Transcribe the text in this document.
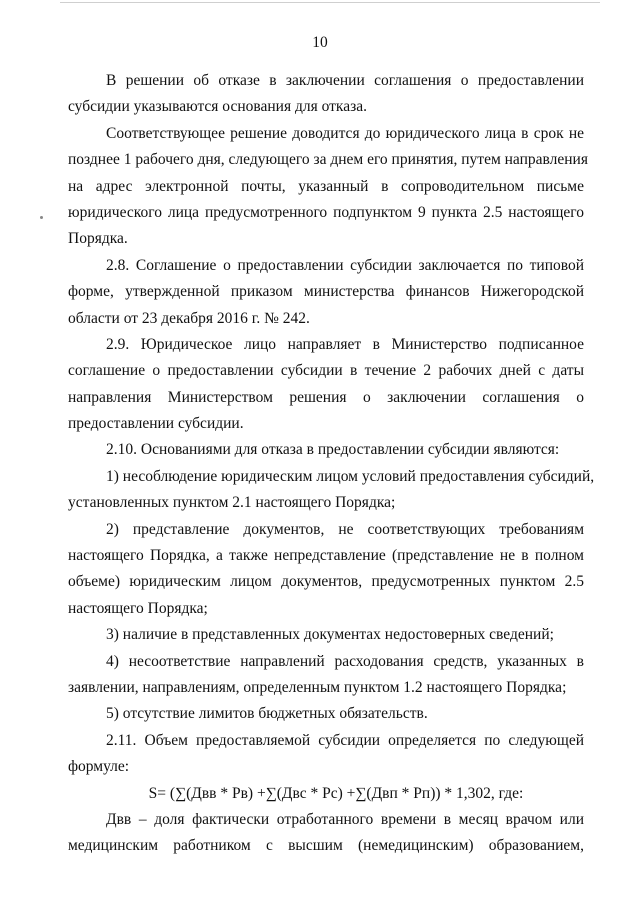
10
В решении об отказе в заключении соглашения о предоставлении
субсидии указываются основания для отказа.
Соответствующее решение доводится до юридического лица в срок не
позднее 1 рабочего дня, следующего за днем его принятия, путем направления
на адрес электронной почты, указанный в сопроводительном письме
юридического лица предусмотренного подпунктом 9 пункта 2.5 настоящего
Порядка.
2.8. Соглашение о предоставлении субсидии заключается по типовой
форме, утвержденной приказом министерства финансов Нижегородской
области от 23 декабря 2016 г. № 242.
2.9. Юридическое лицо направляет в Министерство подписанное
соглашение о предоставлении субсидии в течение 2 рабочих дней с даты
направления Министерством решения о заключении соглашения о
предоставлении субсидии.
2.10. Основаниями для отказа в предоставлении субсидии являются:
1) несоблюдение юридическим лицом условий предоставления субсидий,
установленных пунктом 2.1 настоящего Порядка;
2) представление документов, не соответствующих требованиям
настоящего Порядка, а также непредставление (представление не в полном
объеме) юридическим лицом документов, предусмотренных пунктом 2.5
настоящего Порядка;
3) наличие в представленных документах недостоверных сведений;
4) несоответствие направлений расходования средств, указанных в
заявлении, направлениям, определенным пунктом 1.2 настоящего Порядка;
5) отсутствие лимитов бюджетных обязательств.
2.11. Объем предоставляемой субсидии определяется по следующей
формуле:
S= (∑(Двв * Рв) +∑(Двс * Рс) +∑(Двп * Рп)) * 1,302, где:
Двв – доля фактически отработанного времени в месяц врачом или
медицинским работником с высшим (немедицинским) образованием,
